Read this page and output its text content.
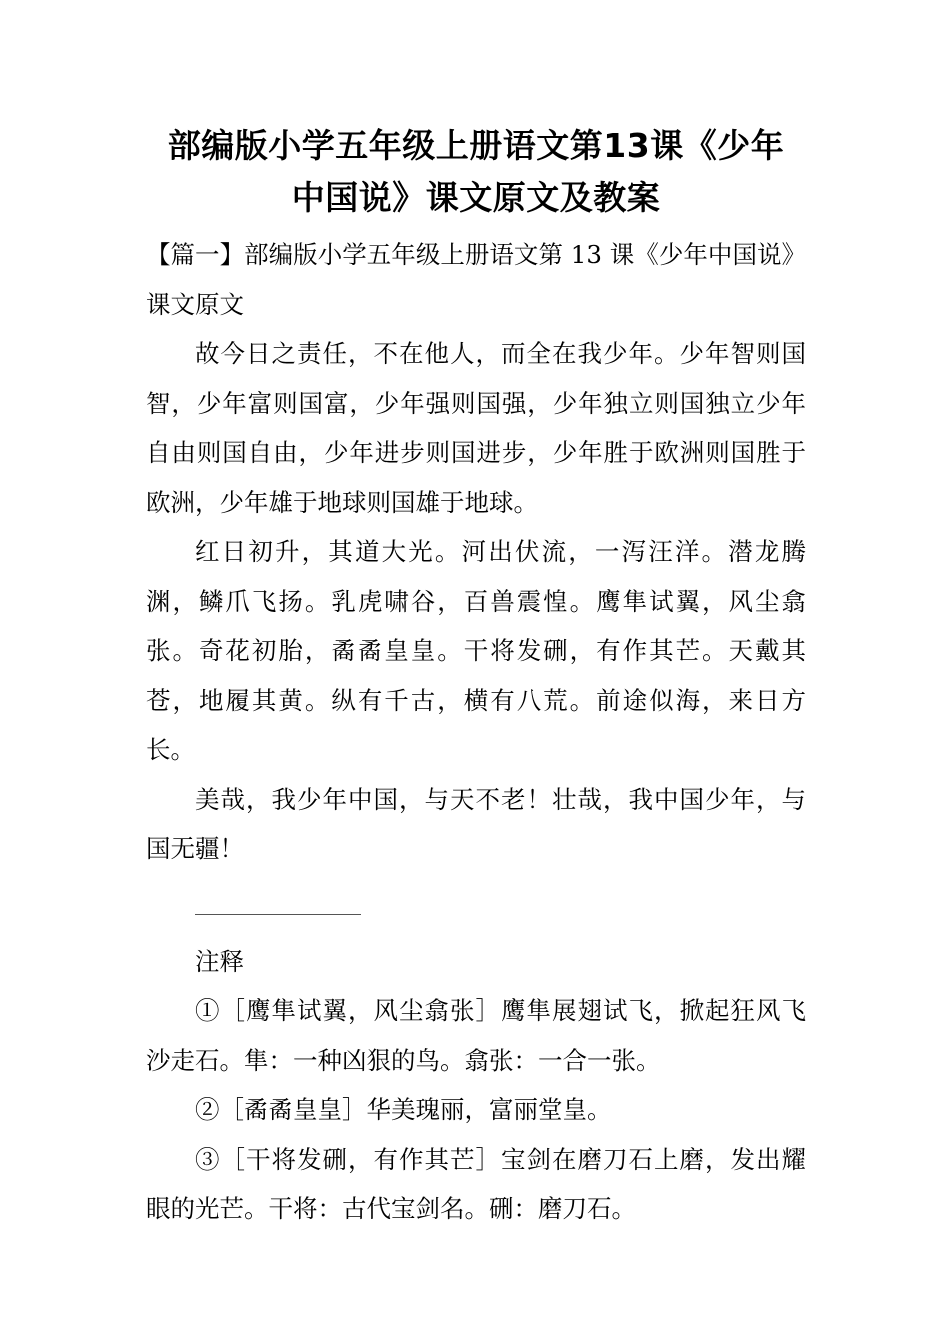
部编版小学五年级上册语文第13课《少年
中国说》课文原文及教案

【篇一】部编版小学五年级上册语文第 13 课《少年中国说》课文原文

故今日之责任，不在他人，而全在我少年。少年智则国智，少年富则国富，少年强则国强，少年独立则国独立少年自由则国自由，少年进步则国进步，少年胜于欧洲则国胜于欧洲，少年雄于地球则国雄于地球。

红日初升，其道大光。河出伏流，一泻汪洋。潜龙腾渊，鳞爪飞扬。乳虎啸谷，百兽震惶。鹰隼试翼，风尘翕张。奇花初胎，矞矞皇皇。干将发硎，有作其芒。天戴其苍，地履其黄。纵有千古，横有八荒。前途似海，来日方长。

美哉，我少年中国，与天不老！壮哉，我中国少年，与国无疆！

注释

①［鹰隼试翼，风尘翕张］鹰隼展翅试飞，掀起狂风飞沙走石。隼：一种凶狠的鸟。翕张：一合一张。

②［矞矞皇皇］华美瑰丽，富丽堂皇。

③［干将发硎，有作其芒］宝剑在磨刀石上磨，发出耀眼的光芒。干将：古代宝剑名。硎：磨刀石。
